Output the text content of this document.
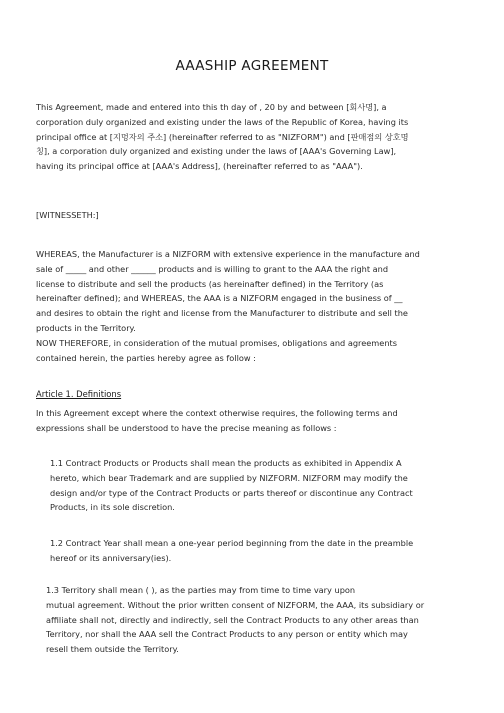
AAASHIP AGREEMENT
This Agreement, made and entered into this th day of , 20 by and between [회사명], a
corporation duly organized and existing under the laws of the Republic of Korea, having its
principal office at [지멍자의 주소] (hereinafter referred to as "NIZFORM") and [판매점의 상호명
칭], a corporation duly organized and existing under the laws of [AAA's Governing Law],
having its principal office at [AAA's Address], (hereinafter referred to as "AAA").
[WITNESSETH:]
WHEREAS, the Manufacturer is a NIZFORM with extensive experience in the manufacture and
sale of _____ and other ______ products and is willing to grant to the AAA the right and
license to distribute and sell the products (as hereinafter defined) in the Territory (as
hereinafter defined); and WHEREAS, the AAA is a NIZFORM engaged in the business of __
and desires to obtain the right and license from the Manufacturer to distribute and sell the
products in the Territory.
NOW THEREFORE, in consideration of the mutual promises, obligations and agreements
contained herein, the parties hereby agree as follow :
Article 1. Definitions
In this Agreement except where the context otherwise requires, the following terms and
expressions shall be understood to have the precise meaning as follows :
1.1 Contract Products or Products shall mean the products as exhibited in Appendix A
hereto, which bear Trademark and are supplied by NIZFORM. NIZFORM may modify the
design and/or type of the Contract Products or parts thereof or discontinue any Contract
Products, in its sole discretion.
1.2 Contract Year shall mean a one-year period beginning from the date in the preamble
hereof or its anniversary(ies).
1.3 Territory shall mean ( ), as the parties may from time to time vary upon
mutual agreement. Without the prior written consent of NIZFORM, the AAA, its subsidiary or
affiliate shall not, directly and indirectly, sell the Contract Products to any other areas than
Territory, nor shall the AAA sell the Contract Products to any person or entity which may
resell them outside the Territory.
